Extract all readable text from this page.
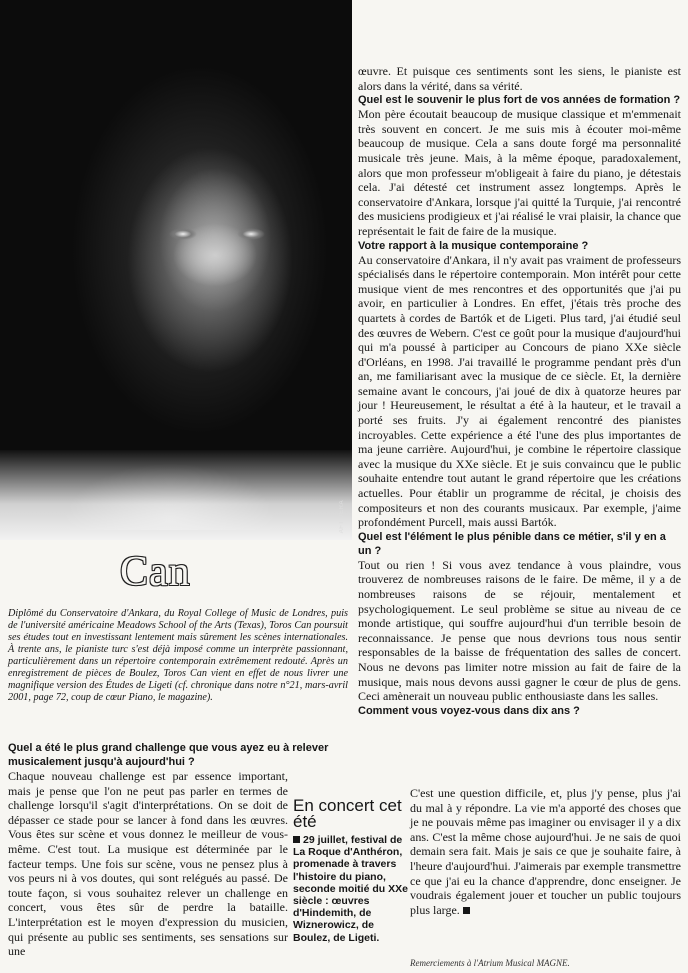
AFT VERA
Can

Diplômé du Conservatoire d'Ankara, du Royal College of Music de Londres, puis de l'université américaine Meadows School of the Arts (Texas), Toros Can poursuit ses études tout en investissant lentement mais sûrement les scènes internationales. À trente ans, le pianiste turc s'est déjà imposé comme un interprète passionnant, particulièrement dans un répertoire contemporain extrêmement redouté. Après un enregistrement de pièces de Boulez, Toros Can vient en effet de nous livrer une magnifique version des Études de Ligeti (cf. chronique dans notre n°21, mars-avril 2001, page 72, coup de cœur Piano, le magazine).

Quel a été le plus grand challenge que vous ayez eu à relever musicalement jusqu'à aujourd'hui ?

Chaque nouveau challenge est par essence important, mais je pense que l'on ne peut pas parler en termes de challenge lorsqu'il s'agit d'interprétations. On se doit de dépasser ce stade pour se lancer à fond dans les œuvres. Vous êtes sur scène et vous donnez le meilleur de vous-même. C'est tout. La musique est déterminée par le facteur temps. Une fois sur scène, vous ne pensez plus à vos peurs ni à vos doutes, qui sont relégués au passé. De toute façon, si vous souhaitez relever un challenge en concert, vous êtes sûr de perdre la bataille. L'interprétation est le moyen d'expression du musicien, qui présente au public ses sentiments, ses sensations sur une

En concert cet été

29 juillet, festival de La Roque d'Anthéron, promenade à travers l'histoire du piano, seconde moitié du XXe siècle : œuvres d'Hindemith, de Wiznerowicz, de Boulez, de Ligeti.

œuvre. Et puisque ces sentiments sont les siens, le pianiste est alors dans la vérité, dans sa vérité.

Quel est le souvenir le plus fort de vos années de formation ?

Mon père écoutait beaucoup de musique classique et m'emmenait très souvent en concert. Je me suis mis à écouter moi-même beaucoup de musique. Cela a sans doute forgé ma personnalité musicale très jeune. Mais, à la même époque, paradoxalement, alors que mon professeur m'obligeait à faire du piano, je détestais cela. J'ai détesté cet instrument assez longtemps. Après le conservatoire d'Ankara, lorsque j'ai quitté la Turquie, j'ai rencontré des musiciens prodigieux et j'ai réalisé le vrai plaisir, la chance que représentait le fait de faire de la musique.

Votre rapport à la musique contemporaine ?

Au conservatoire d'Ankara, il n'y avait pas vraiment de professeurs spécialisés dans le répertoire contemporain. Mon intérêt pour cette musique vient de mes rencontres et des opportunités que j'ai pu avoir, en particulier à Londres. En effet, j'étais très proche des quartets à cordes de Bartók et de Ligeti. Plus tard, j'ai étudié seul des œuvres de Webern. C'est ce goût pour la musique d'aujourd'hui qui m'a poussé à participer au Concours de piano XXe siècle d'Orléans, en 1998. J'ai travaillé le programme pendant près d'un an, me familiarisant avec la musique de ce siècle. Et, la dernière semaine avant le concours, j'ai joué de dix à quatorze heures par jour ! Heureusement, le résultat a été à la hauteur, et le travail a porté ses fruits. J'y ai également rencontré des pianistes incroyables. Cette expérience a été l'une des plus importantes de ma jeune carrière. Aujourd'hui, je combine le répertoire classique avec la musique du XXe siècle. Et je suis convaincu que le public souhaite entendre tout autant le grand répertoire que les créations actuelles. Pour établir un programme de récital, je choisis des compositeurs et non des courants musicaux. Par exemple, j'aime profondément Purcell, mais aussi Bartók.

Quel est l'élément le plus pénible dans ce métier, s'il y en a un ?

Tout ou rien ! Si vous avez tendance à vous plaindre, vous trouverez de nombreuses raisons de le faire. De même, il y a de nombreuses raisons de se réjouir, mentalement et psychologiquement. Le seul problème se situe au niveau de ce monde artistique, qui souffre aujourd'hui d'un terrible besoin de reconnaissance. Je pense que nous devrions tous nous sentir responsables de la baisse de fréquentation des salles de concert. Nous ne devons pas limiter notre mission au fait de faire de la musique, mais nous devons aussi gagner le cœur de plus de gens. Ceci amènerait un nouveau public enthousiaste dans les salles.

Comment vous voyez-vous dans dix ans ?

C'est une question difficile, et, plus j'y pense, plus j'ai du mal à y répondre. La vie m'a apporté des choses que je ne pouvais même pas imaginer ou envisager il y a dix ans. C'est la même chose aujourd'hui. Je ne sais de quoi demain sera fait. Mais je sais ce que je souhaite faire, à l'heure d'aujourd'hui. J'aimerais par exemple transmettre ce que j'ai eu la chance d'apprendre, donc enseigner. Je voudrais également jouer et toucher un public toujours plus large.

Remerciements à l'Atrium Musical MAGNE.
